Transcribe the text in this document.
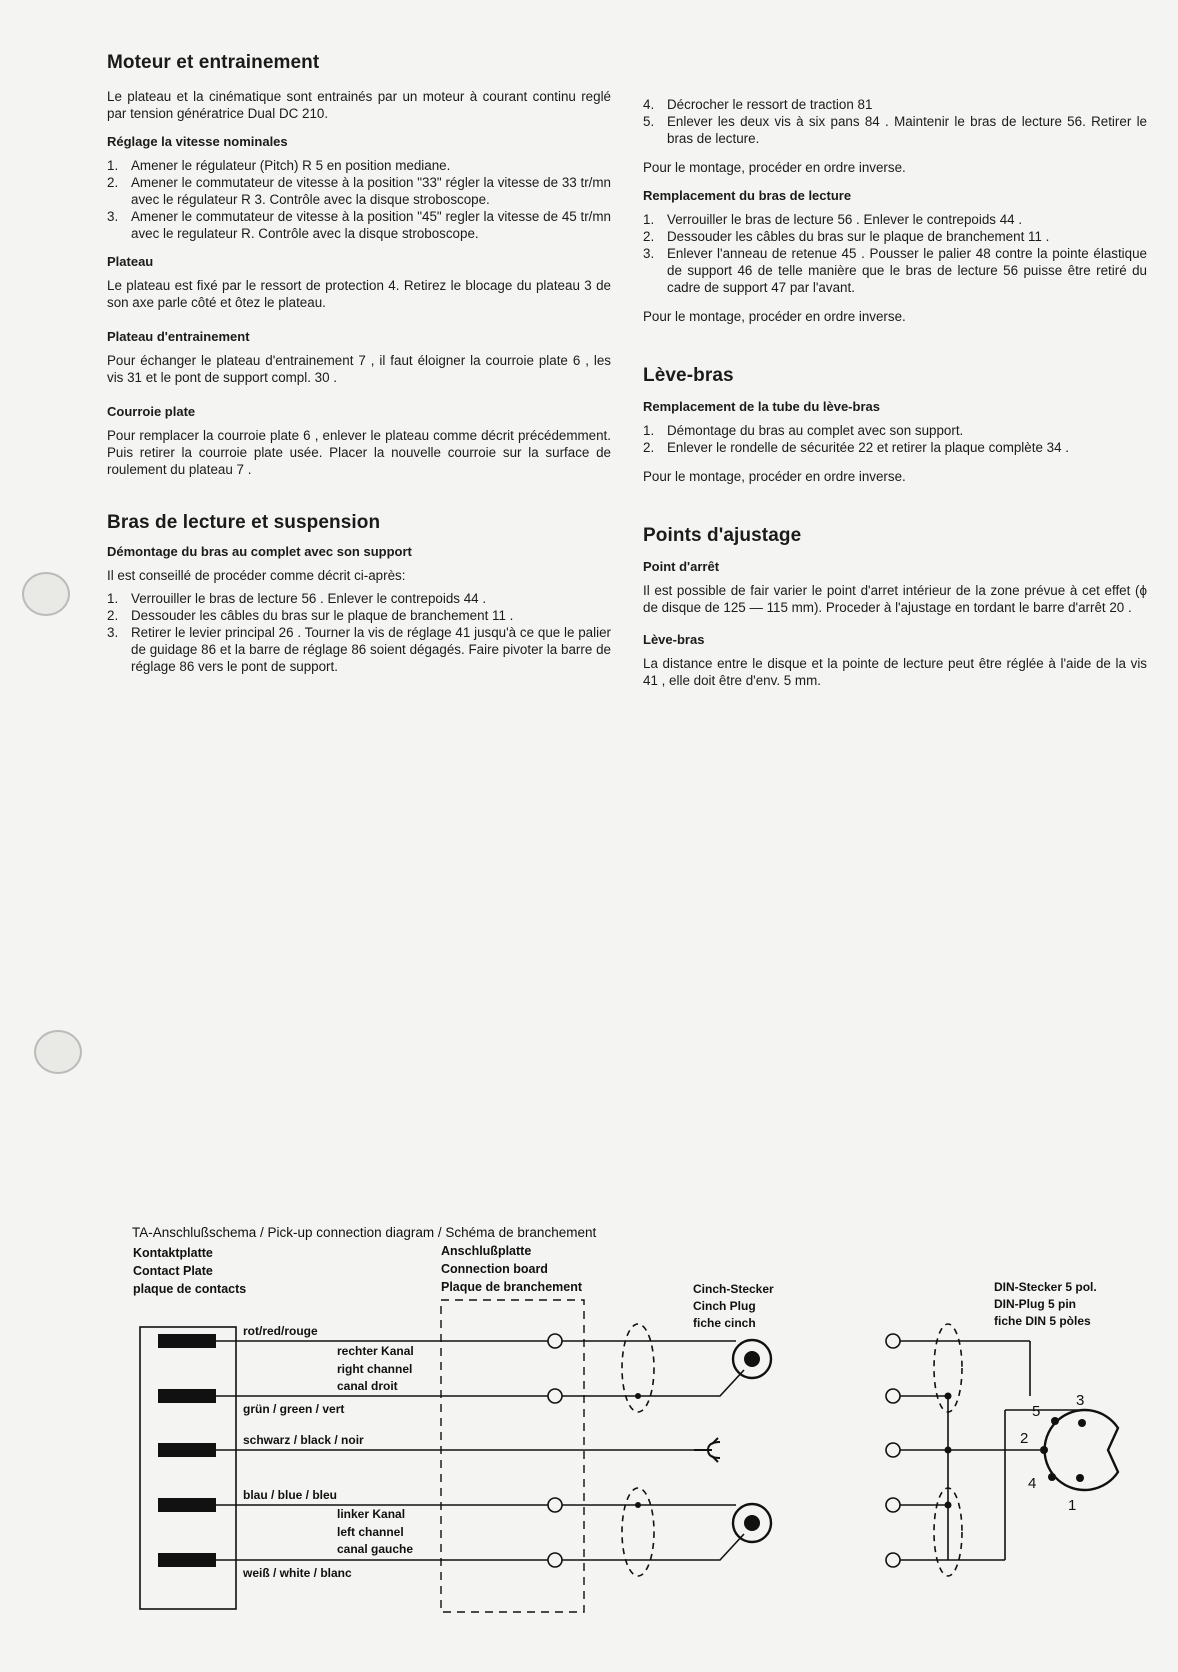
Moteur et entrainement

Le plateau et la cinématique sont entrainés par un moteur à courant continu reglé par tension génératrice Dual DC 210.

Réglage la vitesse nominales
1. Amener le régulateur (Pitch) R 5 en position mediane.
2. Amener le commutateur de vitesse à la position "33" régler la vitesse de 33 tr/mn avec le régulateur R 3. Contrôle avec la disque stroboscope.
3. Amener le commutateur de vitesse à la position "45" regler la vitesse de 45 tr/mn avec le regulateur R. Contrôle avec la disque stroboscope.
Plateau

Le plateau est fixé par le ressort de protection 4. Retirez le blocage du plateau 3 de son axe parle côté et ôtez le plateau.

Plateau d'entrainement

Pour échanger le plateau d'entrainement 7 , il faut éloigner la courroie plate 6 , les vis 31 et le pont de support compl. 30 .

Courroie plate

Pour remplacer la courroie plate 6 , enlever le plateau comme décrit précédemment. Puis retirer la courroie plate usée. Placer la nouvelle courroie sur la surface de roulement du plateau 7 .

Bras de lecture et suspension
Démontage du bras au complet avec son support

Il est conseillé de procéder comme décrit ci-après:

1. Verrouiller le bras de lecture 56 . Enlever le contrepoids 44 .
2. Dessouder les câbles du bras sur le plaque de branchement 11 .
3. Retirer le levier principal 26 . Tourner la vis de réglage 41 jusqu'à ce que le palier de guidage 86 et la barre de réglage 86 soient dégagés. Faire pivoter la barre de réglage 86 vers le pont de support.
4. Décrocher le ressort de traction 81
5. Enlever les deux vis à six pans 84 . Maintenir le bras de lecture 56. Retirer le bras de lecture.

Pour le montage, procéder en ordre inverse.

Remplacement du bras de lecture
1. Verrouiller le bras de lecture 56 . Enlever le contrepoids 44 .
2. Dessouder les câbles du bras sur le plaque de branchement 11 .
3. Enlever l'anneau de retenue 45 . Pousser le palier 48 contre la pointe élastique de support 46 de telle manière que le bras de lecture 56 puisse être retiré du cadre de support 47 par l'avant.

Pour le montage, procéder en ordre inverse.

Lève-bras
Remplacement de la tube du lève-bras
1. Démontage du bras au complet avec son support.
2. Enlever le rondelle de sécuritée 22 et retirer la plaque complète 34 .

Pour le montage, procéder en ordre inverse.

Points d'ajustage
Point d'arrêt

Il est possible de fair varier le point d'arret intérieur de la zone prévue à cet effet (ϕ de disque de 125 — 115 mm). Proceder à l'ajustage en tordant le barre d'arrêt 20 .

Lève-bras

La distance entre le disque et la pointe de lecture peut être réglée à l'aide de la vis 41 , elle doit être d'env. 5 mm.

TA-Anschlußschema / Pick-up connection diagram / Schéma de branchement
Kontaktplatte
Contact Plate
plaque de contacts
Anschlußplatte
Connection board
Plaque de branchement	Cinch-Stecker
Cinch Plug
fiche cinch
DIN-Stecker 5 pol.
DIN-Plug 5 pin
fiche DIN 5 pòles
rot/red/rouge
grün / green / vert
schwarz / black / noir
blau / blue / bleu
weiß / white / blanc
rechter Kanal
right channel
canal droit
linker Kanal
left channel
canal gauche
1
2
3
4
5
